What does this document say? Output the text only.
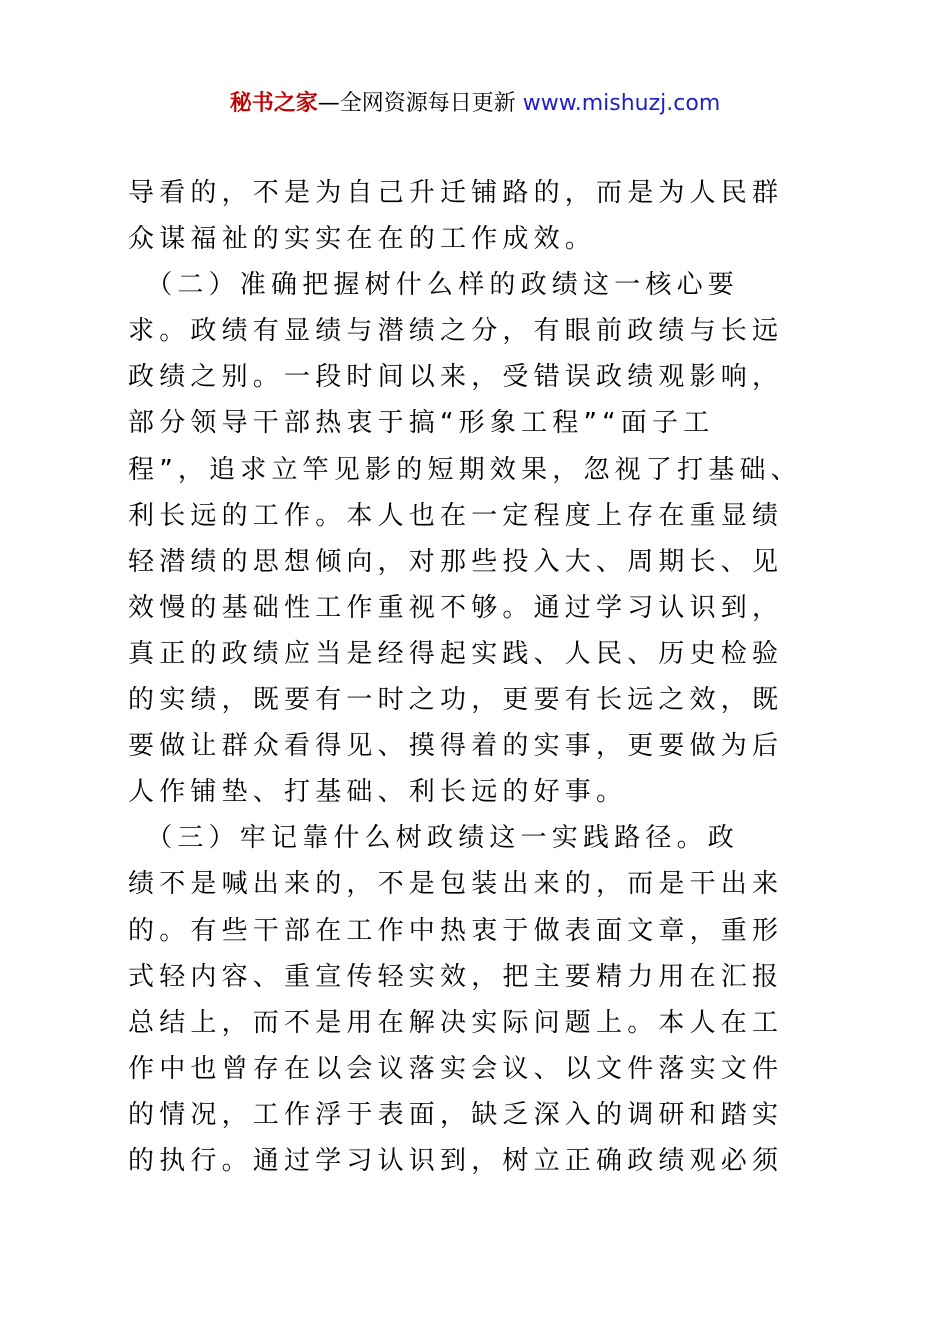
秘书之家—全网资源每日更新 www.mishuzj.com
导看的，不是为自己升迁铺路的，而是为人民群
众谋福祉的实实在在的工作成效。
　（二）准确把握树什么样的政绩这一核心要
求。政绩有显绩与潜绩之分，有眼前政绩与长远
政绩之别。一段时间以来，受错误政绩观影响，
部分领导干部热衷于搞“形象工程”“面子工
程”，追求立竿见影的短期效果，忽视了打基础、
利长远的工作。本人也在一定程度上存在重显绩
轻潜绩的思想倾向，对那些投入大、周期长、见
效慢的基础性工作重视不够。通过学习认识到，
真正的政绩应当是经得起实践、人民、历史检验
的实绩，既要有一时之功，更要有长远之效，既
要做让群众看得见、摸得着的实事，更要做为后
人作铺垫、打基础、利长远的好事。
　（三）牢记靠什么树政绩这一实践路径。政
绩不是喊出来的，不是包装出来的，而是干出来
的。有些干部在工作中热衷于做表面文章，重形
式轻内容、重宣传轻实效，把主要精力用在汇报
总结上，而不是用在解决实际问题上。本人在工
作中也曾存在以会议落实会议、以文件落实文件
的情况，工作浮于表面，缺乏深入的调研和踏实
的执行。通过学习认识到，树立正确政绩观必须
